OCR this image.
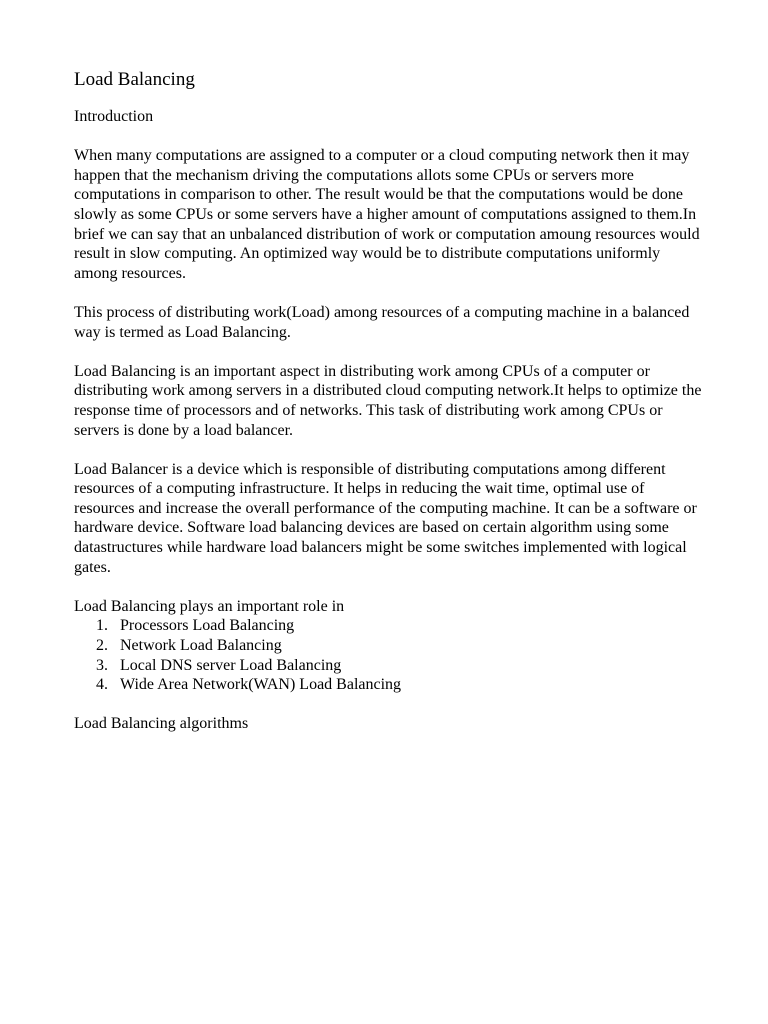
Load Balancing
Introduction

When many computations are assigned to a computer or a cloud computing network then it may happen that the mechanism driving the computations allots some CPUs or servers more computations in comparison to other. The result would be that the computations would be done slowly as some CPUs or some servers have a higher amount of computations assigned to them.In brief we can say that an unbalanced distribution of work or computation amoung resources would result in slow computing. An optimized way would be to distribute computations uniformly among resources.

This process of distributing work(Load) among resources of a computing machine in a balanced way is termed as Load Balancing.

Load Balancing is an important aspect in distributing work among CPUs of a computer or distributing work among servers in a distributed cloud computing network.It helps to optimize the response time of processors and of networks. This task of distributing work among CPUs or servers is done by a load balancer.

Load Balancer is a device which is responsible of distributing computations among different resources of a computing infrastructure. It helps in reducing the wait time, optimal use of resources and increase the overall performance of the computing machine. It can be a software or hardware device. Software load balancing devices are based on certain algorithm using some datastructures while hardware load balancers might be some switches implemented with logical gates.

Load Balancing plays an important role in

1. Processors Load Balancing
2. Network Load Balancing
3. Local DNS server Load Balancing
4. Wide Area Network(WAN) Load Balancing

Load Balancing algorithms
